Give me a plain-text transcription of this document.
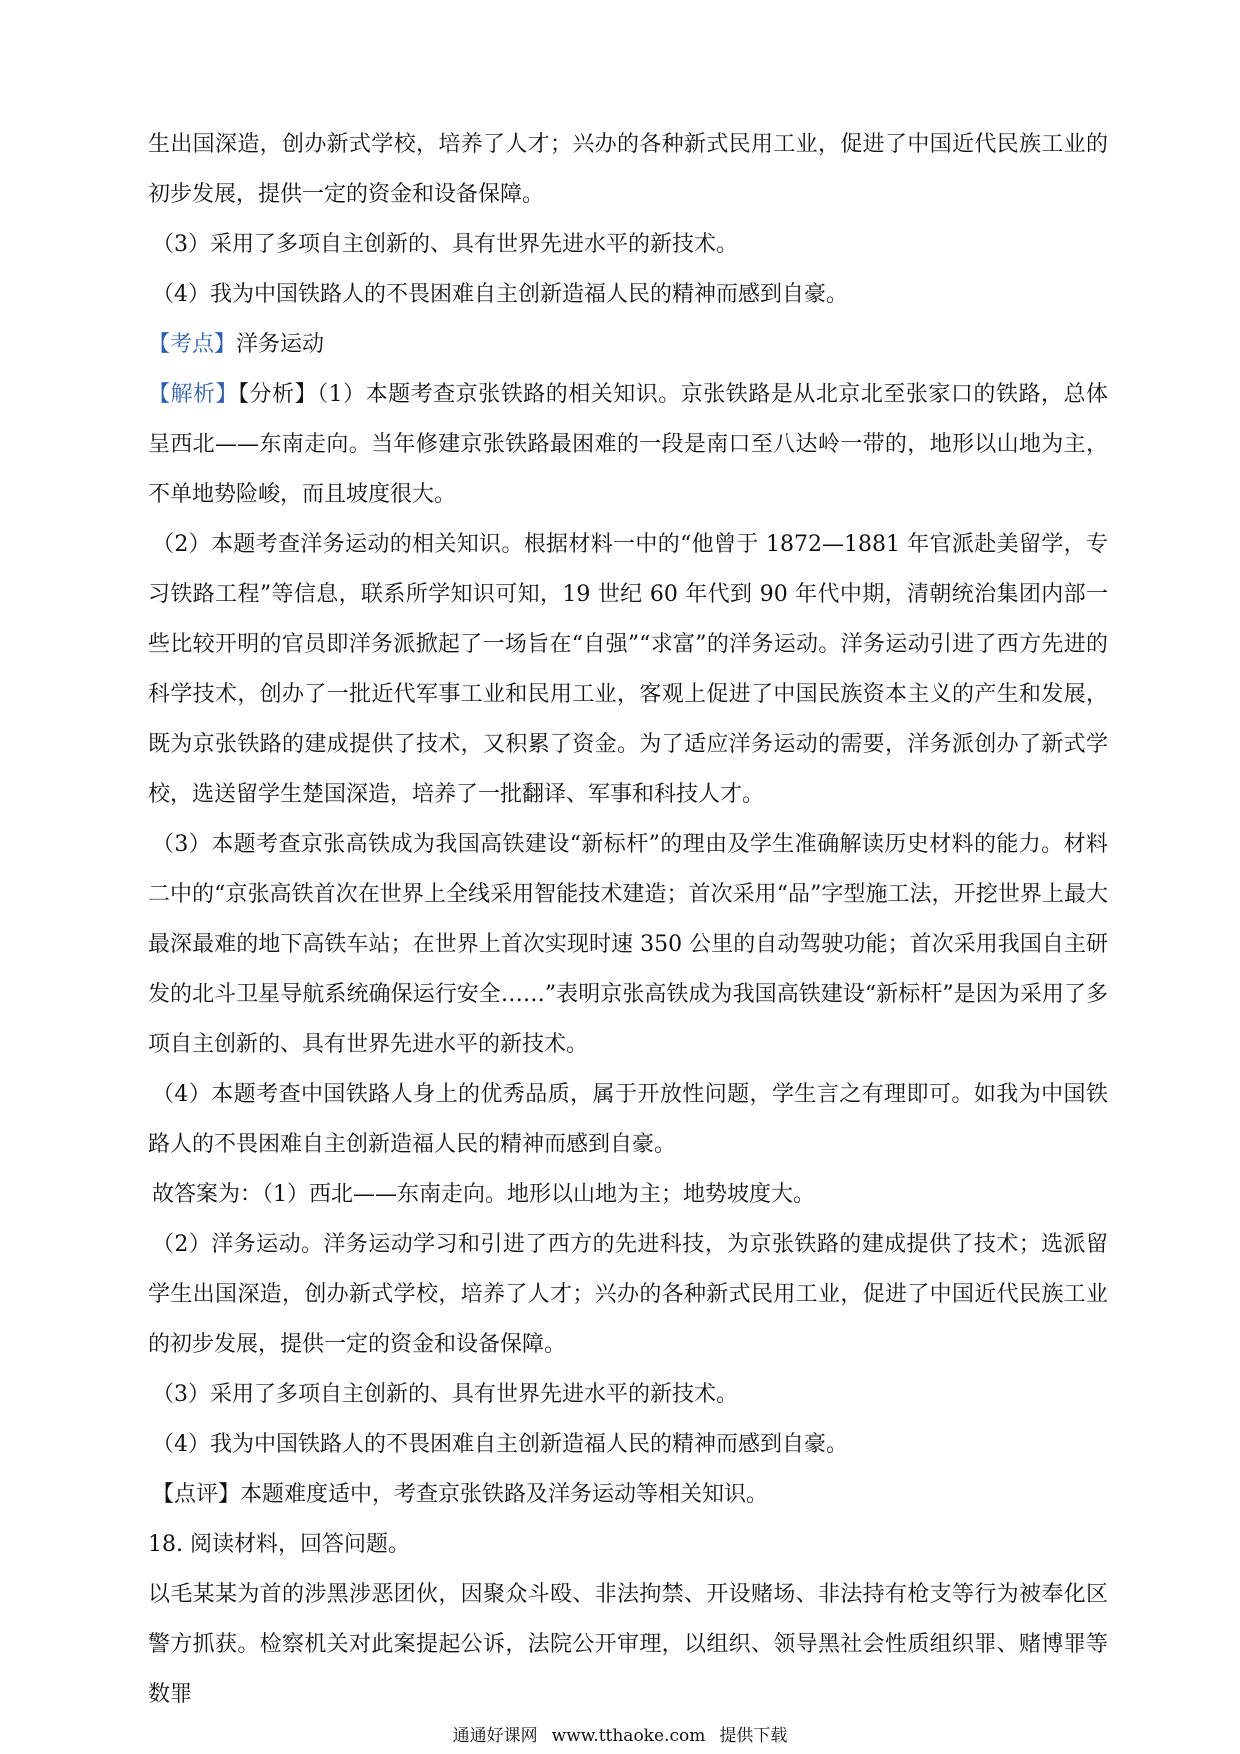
生出国深造，创办新式学校，培养了人才；兴办的各种新式民用工业，促进了中国近代民族工业的初步发展，提供一定的资金和设备保障。

（3）采用了多项自主创新的、具有世界先进水平的新技术。

（4）我为中国铁路人的不畏困难自主创新造福人民的精神而感到自豪。

【考点】洋务运动

【解析】【分析】（1）本题考查京张铁路的相关知识。京张铁路是从北京北至张家口的铁路，总体呈西北——东南走向。当年修建京张铁路最困难的一段是南口至八达岭一带的，地形以山地为主，不单地势险峻，而且坡度很大。

（2）本题考查洋务运动的相关知识。根据材料一中的“他曾于 1872—1881 年官派赴美留学，专习铁路工程”等信息，联系所学知识可知，19 世纪 60 年代到 90 年代中期，清朝统治集团内部一些比较开明的官员即洋务派掀起了一场旨在“自强”“求富”的洋务运动。洋务运动引进了西方先进的科学技术，创办了一批近代军事工业和民用工业，客观上促进了中国民族资本主义的产生和发展，既为京张铁路的建成提供了技术，又积累了资金。为了适应洋务运动的需要，洋务派创办了新式学校，选送留学生楚国深造，培养了一批翻译、军事和科技人才。

（3）本题考查京张高铁成为我国高铁建设“新标杆”的理由及学生准确解读历史材料的能力。材料二中的“京张高铁首次在世界上全线采用智能技术建造；首次采用“品”字型施工法，开挖世界上最大最深最难的地下高铁车站；在世界上首次实现时速 350 公里的自动驾驶功能；首次采用我国自主研发的北斗卫星导航系统确保运行安全……”表明京张高铁成为我国高铁建设“新标杆”是因为采用了多项自主创新的、具有世界先进水平的新技术。

（4）本题考查中国铁路人身上的优秀品质，属于开放性问题，学生言之有理即可。如我为中国铁路人的不畏困难自主创新造福人民的精神而感到自豪。

故答案为：（1）西北——东南走向。地形以山地为主；地势坡度大。

（2）洋务运动。洋务运动学习和引进了西方的先进科技，为京张铁路的建成提供了技术；选派留学生出国深造，创办新式学校，培养了人才；兴办的各种新式民用工业，促进了中国近代民族工业的初步发展，提供一定的资金和设备保障。

（3）采用了多项自主创新的、具有世界先进水平的新技术。

（4）我为中国铁路人的不畏困难自主创新造福人民的精神而感到自豪。

【点评】本题难度适中，考查京张铁路及洋务运动等相关知识。

18. 阅读材料，回答问题。

以毛某某为首的涉黑涉恶团伙，因聚众斗殴、非法拘禁、开设赌场、非法持有枪支等行为被奉化区警方抓获。检察机关对此案提起公诉，法院公开审理，以组织、领导黑社会性质组织罪、赌博罪等数罪

通通好课网 www.tthaoke.com 提供下载
